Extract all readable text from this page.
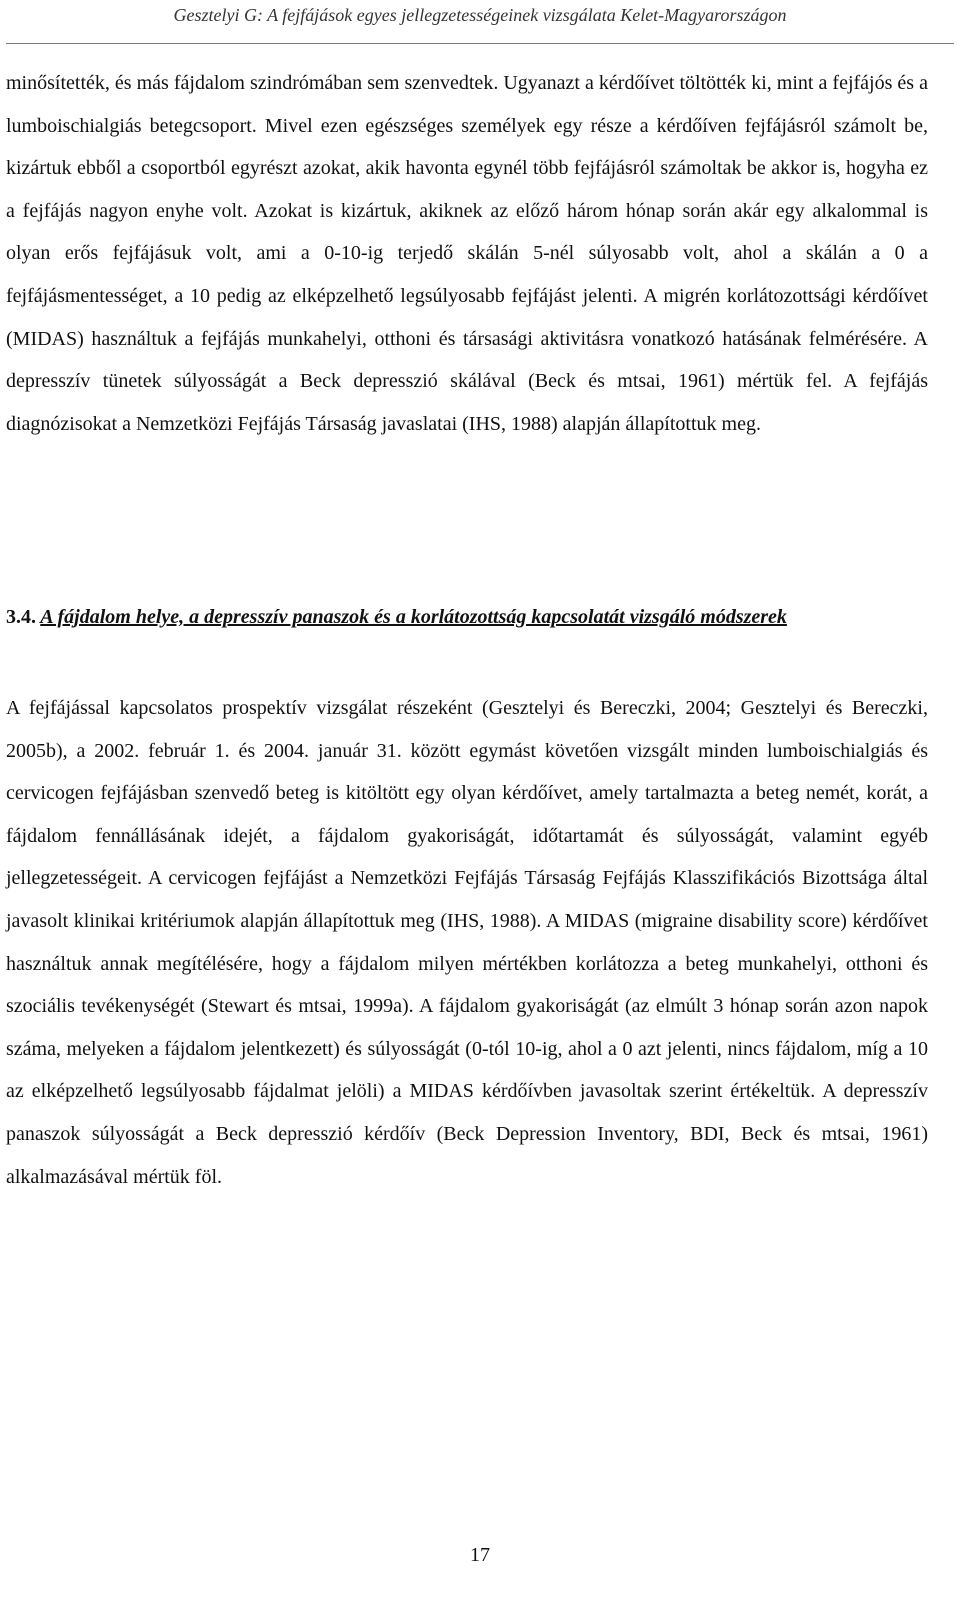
Gesztelyi G: A fejfájások egyes jellegzetességeinek vizsgálata Kelet-Magyarországon

minősítették, és más fájdalom szindrómában sem szenvedtek. Ugyanazt a kérdőívet töltötték ki, mint a fejfájós és a lumboischialgiás betegcsoport. Mivel ezen egészséges személyek egy része a kérdőíven fejfájásról számolt be, kizártuk ebből a csoportból egyrészt azokat, akik havonta egynél több fejfájásról számoltak be akkor is, hogyha ez a fejfájás nagyon enyhe volt. Azokat is kizártuk, akiknek az előző három hónap során akár egy alkalommal is olyan erős fejfájásuk volt, ami a 0-10-ig terjedő skálán 5-nél súlyosabb volt, ahol a skálán a 0 a fejfájásmentességet, a 10 pedig az elképzelhető legsúlyosabb fejfájást jelenti. A migrén korlátozottsági kérdőívet (MIDAS) használtuk a fejfájás munkahelyi, otthoni és társasági aktivitásra vonatkozó hatásának felmérésére. A depresszív tünetek súlyosságát a Beck depresszió skálával (Beck és mtsai, 1961) mértük fel. A fejfájás diagnózisokat a Nemzetközi Fejfájás Társaság javaslatai (IHS, 1988) alapján állapítottuk meg.

3.4. A fájdalom helye, a depresszív panaszok és a korlátozottság kapcsolatát vizsgáló módszerek

A fejfájással kapcsolatos prospektív vizsgálat részeként (Gesztelyi és Bereczki, 2004; Gesztelyi és Bereczki, 2005b), a 2002. február 1. és 2004. január 31. között egymást követően vizsgált minden lumboischialgiás és cervicogen fejfájásban szenvedő beteg is kitöltött egy olyan kérdőívet, amely tartalmazta a beteg nemét, korát, a fájdalom fennállásának idejét, a fájdalom gyakoriságát, időtartamát és súlyosságát, valamint egyéb jellegzetességeit. A cervicogen fejfájást a Nemzetközi Fejfájás Társaság Fejfájás Klasszifikációs Bizottsága által javasolt klinikai kritériumok alapján állapítottuk meg (IHS, 1988). A MIDAS (migraine disability score) kérdőívet használtuk annak megítélésére, hogy a fájdalom milyen mértékben korlátozza a beteg munkahelyi, otthoni és szociális tevékenységét (Stewart és mtsai, 1999a). A fájdalom gyakoriságát (az elmúlt 3 hónap során azon napok száma, melyeken a fájdalom jelentkezett) és súlyosságát (0-tól 10-ig, ahol a 0 azt jelenti, nincs fájdalom, míg a 10 az elképzelhető legsúlyosabb fájdalmat jelöli) a MIDAS kérdőívben javasoltak szerint értékeltük. A depresszív panaszok súlyosságát a Beck depresszió kérdőív (Beck Depression Inventory, BDI, Beck és mtsai, 1961) alkalmazásával mértük föl.

17
